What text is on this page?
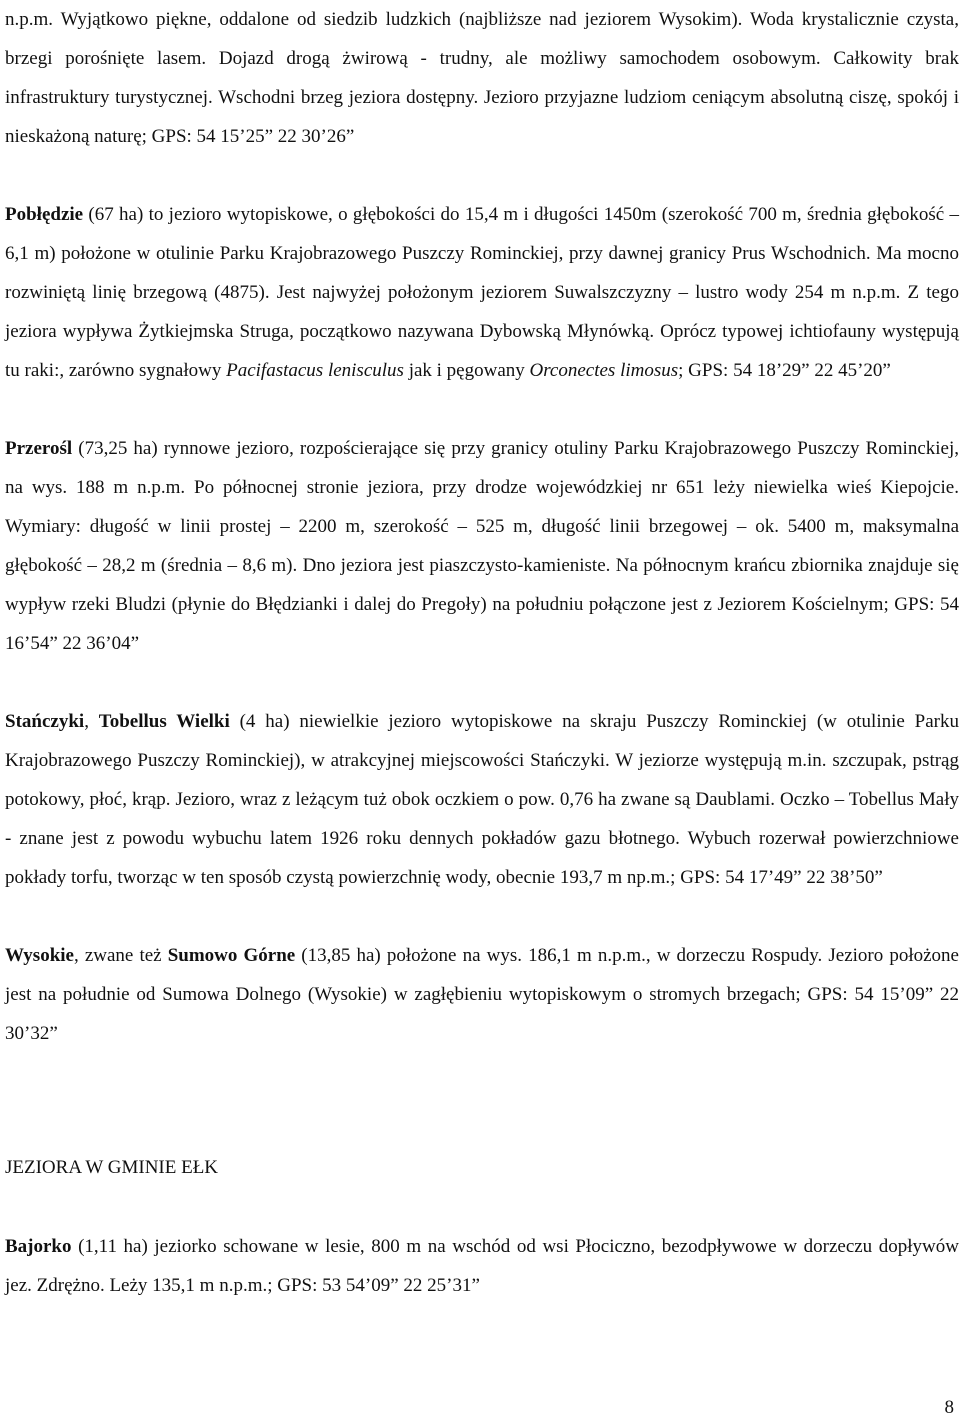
n.p.m. Wyjątkowo piękne, oddalone od siedzib ludzkich (najbliższe nad jeziorem Wysokim). Woda krystalicznie czysta, brzegi porośnięte lasem. Dojazd drogą żwirową - trudny, ale możliwy samochodem osobowym. Całkowity brak infrastruktury turystycznej. Wschodni brzeg jeziora dostępny. Jezioro przyjazne ludziom ceniącym absolutną ciszę, spokój i nieskażoną naturę; GPS: 54 15’25” 22 30’26”

Pobłędzie (67 ha) to jezioro wytopiskowe, o głębokości do 15,4 m i długości 1450m (szerokość 700 m, średnia głębokość – 6,1 m) położone w otulinie Parku Krajobrazowego Puszczy Rominckiej, przy dawnej granicy Prus Wschodnich. Ma mocno rozwiniętą linię brzegową (4875). Jest najwyżej położonym jeziorem Suwalszczyzny – lustro wody 254 m n.p.m. Z tego jeziora wypływa Żytkiejmska Struga, początkowo nazywana Dybowską Młynówką. Oprócz typowej ichtiofauny występują tu raki:, zarówno sygnałowy Pacifastacus lenisculus jak i pęgowany Orconectes limosus; GPS: 54 18’29” 22 45’20”

Przerośl (73,25 ha) rynnowe jezioro, rozpościerające się przy granicy otuliny Parku Krajobrazowego Puszczy Rominckiej, na wys. 188 m n.p.m. Po północnej stronie jeziora, przy drodze wojewódzkiej nr 651 leży niewielka wieś Kiepojcie. Wymiary: długość w linii prostej – 2200 m, szerokość – 525 m, długość linii brzegowej – ok. 5400 m, maksymalna głębokość – 28,2 m (średnia – 8,6 m). Dno jeziora jest piaszczysto-kamieniste. Na północnym krańcu zbiornika znajduje się wypływ rzeki Bludzi (płynie do Błędzianki i dalej do Pregoły) na południu połączone jest z Jeziorem Kościelnym; GPS: 54 16’54” 22 36’04”

Stańczyki, Tobellus Wielki (4 ha) niewielkie jezioro wytopiskowe na skraju Puszczy Rominckiej (w otulinie Parku Krajobrazowego Puszczy Rominckiej), w atrakcyjnej miejscowości Stańczyki. W jeziorze występują m.in. szczupak, pstrąg potokowy, płoć, krąp. Jezioro, wraz z leżącym tuż obok oczkiem o pow. 0,76 ha zwane są Daublami. Oczko – Tobellus Mały - znane jest z powodu wybuchu latem 1926 roku dennych pokładów gazu błotnego. Wybuch rozerwał powierzchniowe pokłady torfu, tworząc w ten sposób czystą powierzchnię wody, obecnie 193,7 m np.m.; GPS: 54 17’49” 22 38’50”

Wysokie, zwane też Sumowo Górne (13,85 ha) położone na wys. 186,1 m n.p.m., w dorzeczu Rospudy. Jezioro położone jest na południe od Sumowa Dolnego (Wysokie) w zagłębieniu wytopiskowym o stromych brzegach; GPS: 54 15’09” 22 30’32”

JEZIORA W GMINIE EŁK

Bajorko (1,11 ha) jeziorko schowane w lesie, 800 m na wschód od wsi Płociczno, bezodpływowe w dorzeczu dopływów jez. Zdrężno. Leży 135,1 m n.p.m.; GPS: 53 54’09” 22 25’31”

8
